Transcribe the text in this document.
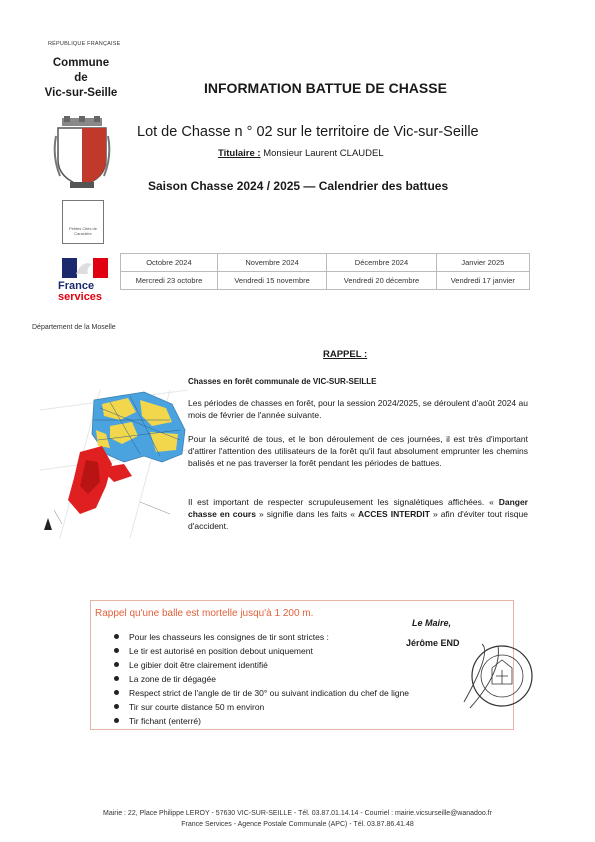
RÉPUBLIQUE FRANÇAISE
Commune
de
Vic-sur-Seille
Petites Cités de Caractère
France
services
Département de la Moselle
INFORMATION BATTUE DE CHASSE
Lot de Chasse n ° 02 sur le territoire de Vic-sur-Seille
Titulaire : Monsieur Laurent CLAUDEL
Saison Chasse 2024 / 2025 — Calendrier des battues
Octobre 2024	Novembre 2024	Décembre 2024	Janvier 2025
Mercredi 23 octobre	Vendredi 15 novembre	Vendredi 20 décembre	Vendredi 17 janvier
RAPPEL :
Chasses en forêt communale de VIC-SUR-SEILLE
Les périodes de chasses en forêt, pour la session 2024/2025, se déroulent d'août 2024 au mois de février de l'année suivante.
Pour la sécurité de tous, et le bon déroulement de ces journées, il est très d'important d'attirer l'attention des utilisateurs de la forêt qu'il faut absolument emprunter les chemins balisés et ne pas traverser la forêt pendant les périodes de battues.
Il est important de respecter scrupuleusement les signalétiques affichées. « Danger chasse en cours » signifie dans les faits « ACCES INTERDIT » afin d'éviter tout risque d'accident.
Rappel qu'une balle est mortelle jusqu'à 1 200 m.
Pour les chasseurs les consignes de tir sont strictes :
Le tir est autorisé en position debout uniquement
Le gibier doit être clairement identifié
La zone de tir dégagée
Respect strict de l'angle de tir de 30° ou suivant indication du chef de ligne
Tir sur courte distance 50 m environ
Tir fichant (enterré)
Le Maire,
Jérôme END
Mairie : 22, Place Philippe LEROY - 57630 VIC-SUR-SEILLE - Tél. 03.87.01.14.14 - Courriel : mairie.vicsurseille@wanadoo.fr
France Services - Agence Postale Communale (APC) - Tél. 03.87.86.41.48
